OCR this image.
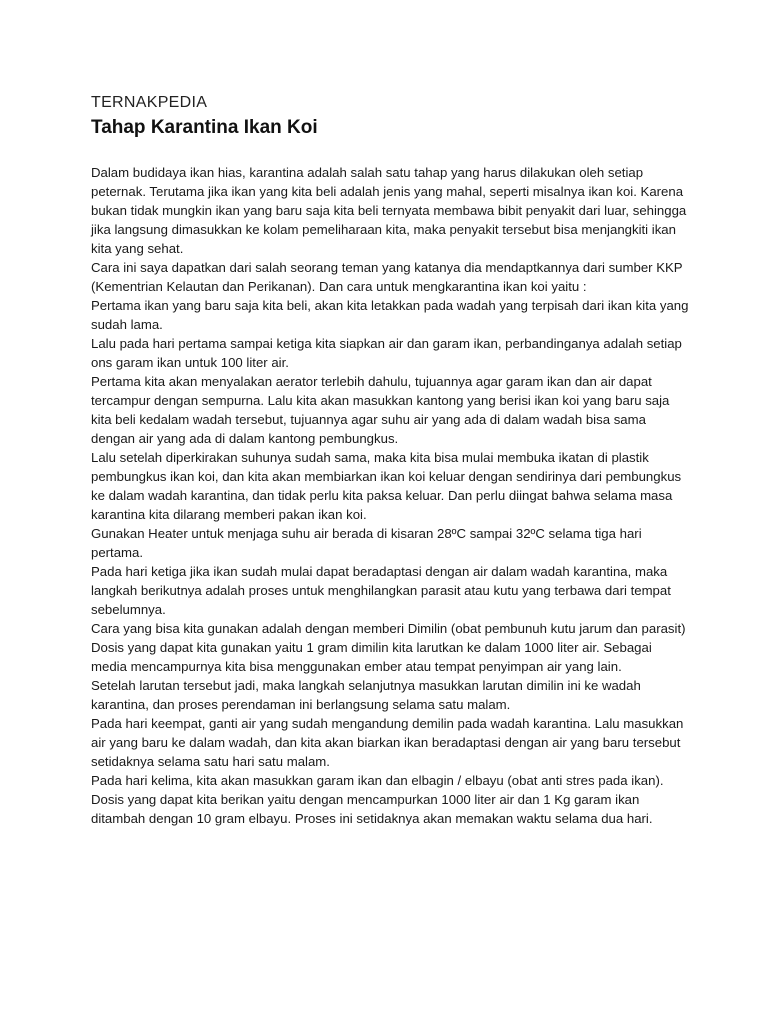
TERNAKPEDIA

Tahap Karantina Ikan Koi

Dalam budidaya ikan hias, karantina adalah salah satu tahap yang harus dilakukan oleh setiap peternak. Terutama jika ikan yang kita beli adalah jenis yang mahal, seperti misalnya ikan koi. Karena bukan tidak mungkin ikan yang baru saja kita beli ternyata membawa bibit penyakit dari luar, sehingga jika langsung dimasukkan ke kolam pemeliharaan kita, maka penyakit tersebut bisa menjangkiti ikan kita yang sehat.

Cara ini saya dapatkan dari salah seorang teman yang katanya dia mendaptkannya dari sumber KKP (Kementrian Kelautan dan Perikanan). Dan cara untuk mengkarantina ikan koi yaitu :

Pertama ikan yang baru saja kita beli, akan kita letakkan pada wadah yang terpisah dari ikan kita yang sudah lama.

Lalu pada hari pertama sampai ketiga kita siapkan air dan garam ikan, perbandinganya adalah setiap ons garam ikan untuk 100 liter air.

Pertama kita akan menyalakan aerator terlebih dahulu, tujuannya agar garam ikan dan air dapat tercampur dengan sempurna. Lalu kita akan masukkan kantong yang berisi ikan koi yang baru saja kita beli kedalam wadah tersebut, tujuannya agar suhu air yang ada di dalam wadah bisa sama dengan air yang ada di dalam kantong pembungkus.

Lalu setelah diperkirakan suhunya sudah sama, maka kita bisa mulai membuka ikatan di plastik pembungkus ikan koi, dan kita akan membiarkan ikan koi keluar dengan sendirinya dari pembungkus ke dalam wadah karantina, dan tidak perlu kita paksa keluar. Dan perlu diingat bahwa selama masa karantina kita dilarang memberi pakan ikan koi.

Gunakan Heater untuk menjaga suhu air berada di kisaran 28ºC sampai 32ºC selama tiga hari pertama.

Pada hari ketiga jika ikan sudah mulai dapat beradaptasi dengan air dalam wadah karantina, maka langkah berikutnya adalah proses untuk menghilangkan parasit atau kutu yang terbawa dari tempat sebelumnya.

Cara yang bisa kita gunakan adalah dengan memberi Dimilin (obat pembunuh kutu jarum dan parasit) Dosis yang dapat kita gunakan yaitu 1 gram dimilin kita larutkan ke dalam 1000 liter air. Sebagai media mencampurnya kita bisa menggunakan ember atau tempat penyimpan air yang lain.

Setelah larutan tersebut jadi, maka langkah selanjutnya masukkan larutan dimilin ini ke wadah karantina, dan proses perendaman ini berlangsung selama satu malam.

Pada hari keempat, ganti air yang sudah mengandung demilin pada wadah karantina. Lalu masukkan air yang baru ke dalam wadah, dan kita akan biarkan ikan beradaptasi dengan air yang baru tersebut setidaknya selama satu hari satu malam.

Pada hari kelima, kita akan masukkan garam ikan dan elbagin / elbayu (obat anti stres pada ikan). Dosis yang dapat kita berikan yaitu dengan mencampurkan 1000 liter air dan 1 Kg garam ikan ditambah dengan 10 gram elbayu. Proses ini setidaknya akan memakan waktu selama dua hari.
